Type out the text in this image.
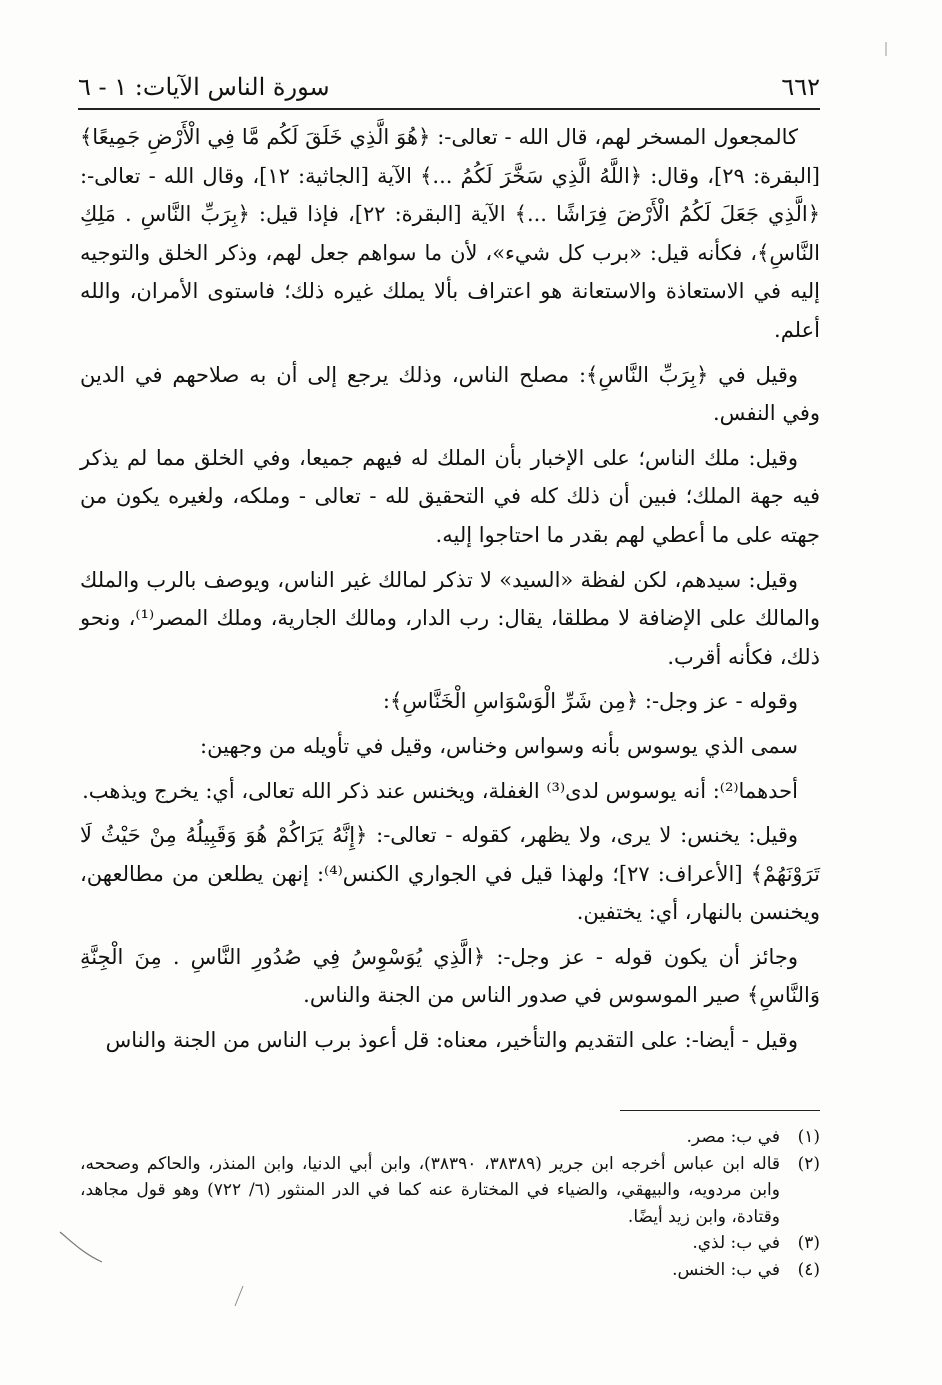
٦٦٢
سورة الناس الآيات: ١ - ٦

كالمجعول المسخر لهم، قال الله - تعالى-: ﴿هُوَ الَّذِي خَلَقَ لَكُم مَّا فِي الْأَرْضِ جَمِيعًا﴾ [البقرة: ٢٩]، وقال: ﴿اللَّهُ الَّذِي سَخَّرَ لَكُمُ ...﴾ الآية [الجاثية: ١٢]، وقال الله - تعالى-: ﴿الَّذِي جَعَلَ لَكُمُ الْأَرْضَ فِرَاشًا ...﴾ الآية [البقرة: ٢٢]، فإذا قيل: ﴿بِرَبِّ النَّاسِ . مَلِكِ النَّاسِ﴾، فكأنه قيل: «برب كل شيء»، لأن ما سواهم جعل لهم، وذكر الخلق والتوجيه إليه في الاستعاذة والاستعانة هو اعتراف بألا يملك غيره ذلك؛ فاستوى الأمران، والله أعلم.

وقيل في ﴿بِرَبِّ النَّاسِ﴾: مصلح الناس، وذلك يرجع إلى أن به صلاحهم في الدين وفي النفس.

وقيل: ملك الناس؛ على الإخبار بأن الملك له فيهم جميعا، وفي الخلق مما لم يذكر فيه جهة الملك؛ فبين أن ذلك كله في التحقيق لله - تعالى - وملكه، ولغيره يكون من جهته على ما أعطي لهم بقدر ما احتاجوا إليه.

وقيل: سيدهم، لكن لفظة «السيد» لا تذكر لمالك غير الناس، ويوصف بالرب والملك والمالك على الإضافة لا مطلقا، يقال: رب الدار، ومالك الجارية، وملك المصر⁽¹⁾، ونحو ذلك، فكأنه أقرب.

وقوله - عز وجل-: ﴿مِن شَرِّ الْوَسْوَاسِ الْخَنَّاسِ﴾:

سمى الذي يوسوس بأنه وسواس وخناس، وقيل في تأويله من وجهين:

أحدهما⁽²⁾: أنه يوسوس لدى⁽³⁾ الغفلة، ويخنس عند ذكر الله تعالى، أي: يخرج ويذهب.

وقيل: يخنس: لا يرى، ولا يظهر، كقوله - تعالى-: ﴿إِنَّهُ يَرَاكُمْ هُوَ وَقَبِيلُهُ مِنْ حَيْثُ لَا تَرَوْنَهُمْ﴾ [الأعراف: ٢٧]؛ ولهذا قيل في الجواري الكنس⁽⁴⁾: إنهن يطلعن من مطالعهن، ويخنسن بالنهار، أي: يختفين.

وجائز أن يكون قوله - عز وجل-: ﴿الَّذِي يُوَسْوِسُ فِي صُدُورِ النَّاسِ . مِنَ الْجِنَّةِ وَالنَّاسِ﴾ صير الموسوس في صدور الناس من الجنة والناس.

وقيل - أيضا-: على التقديم والتأخير، معناه: قل أعوذ برب الناس من الجنة والناس

(١)
في ب: مصر.
(٢)
قاله ابن عباس أخرجه ابن جرير (٣٨٣٨٩، ٣٨٣٩٠)، وابن أبي الدنيا، وابن المنذر، والحاكم وصححه، وابن مردويه، والبيهقي، والضياء في المختارة عنه كما في الدر المنثور (٦/ ٧٢٢) وهو قول مجاهد، وقتادة، وابن زيد أيضًا.
(٣)
في ب: لذي.
(٤)
في ب: الخنس.
